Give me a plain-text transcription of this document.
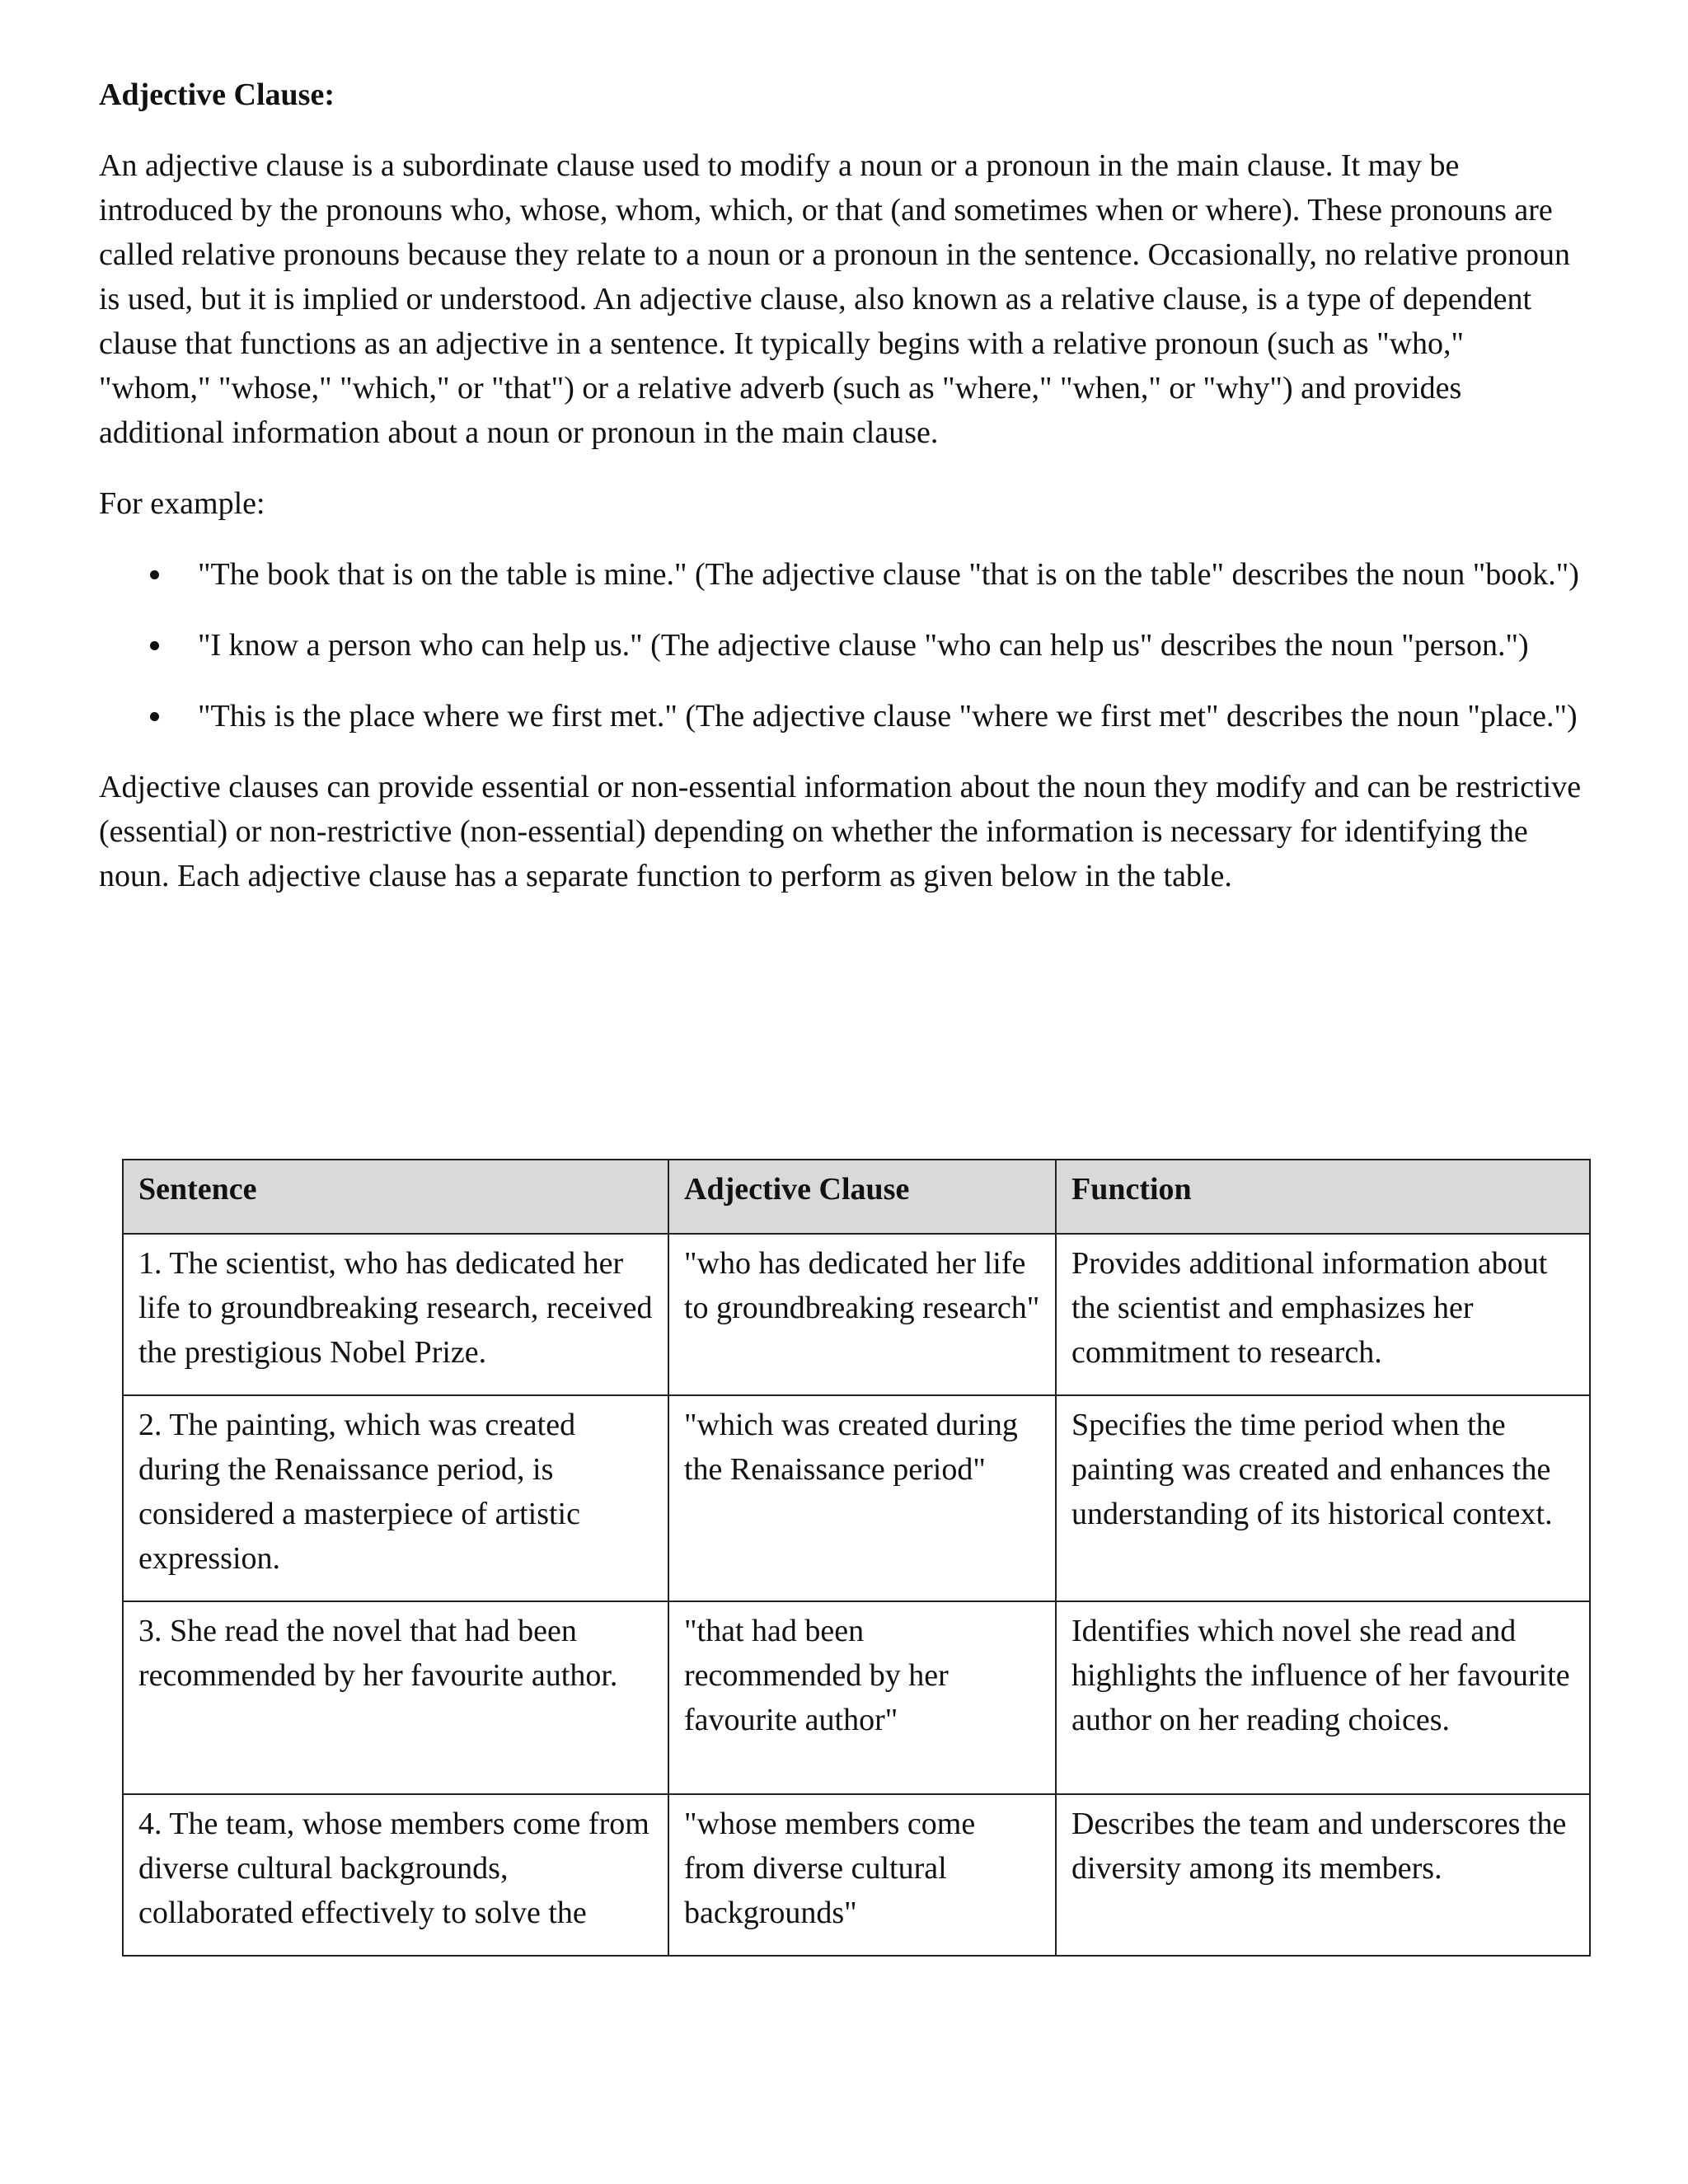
Adjective Clause:

An adjective clause is a subordinate clause used to modify a noun or a pronoun in the main clause. It may be introduced by the pronouns who, whose, whom, which, or that (and sometimes when or where). These pronouns are called relative pronouns because they relate to a noun or a pronoun in the sentence. Occasionally, no relative pronoun is used, but it is implied or understood. An adjective clause, also known as a relative clause, is a type of dependent clause that functions as an adjective in a sentence. It typically begins with a relative pronoun (such as "who," "whom," "whose," "which," or "that") or a relative adverb (such as "where," "when," or "why") and provides additional information about a noun or pronoun in the main clause.

For example:

"The book that is on the table is mine." (The adjective clause "that is on the table" describes the noun "book.")
"I know a person who can help us." (The adjective clause "who can help us" describes the noun "person.")
"This is the place where we first met." (The adjective clause "where we first met" describes the noun "place.")

Adjective clauses can provide essential or non-essential information about the noun they modify and can be restrictive (essential) or non-restrictive (non-essential) depending on whether the information is necessary for identifying the noun. Each adjective clause has a separate function to perform as given below in the table.

Sentence	Adjective Clause	Function
1. The scientist, who has dedicated her life to groundbreaking research, received the prestigious Nobel Prize.	"who has dedicated her life to groundbreaking research"	Provides additional information about the scientist and emphasizes her commitment to research.
2. The painting, which was created during the Renaissance period, is considered a masterpiece of artistic expression.	"which was created during the Renaissance period"	Specifies the time period when the painting was created and enhances the understanding of its historical context.
3. She read the novel that had been recommended by her favourite author.	"that had been recommended by her favourite author"	Identifies which novel she read and highlights the influence of her favourite author on her reading choices.
4. The team, whose members come from diverse cultural backgrounds, collaborated effectively to solve the	"whose members come from diverse cultural backgrounds"	Describes the team and underscores the diversity among its members.
